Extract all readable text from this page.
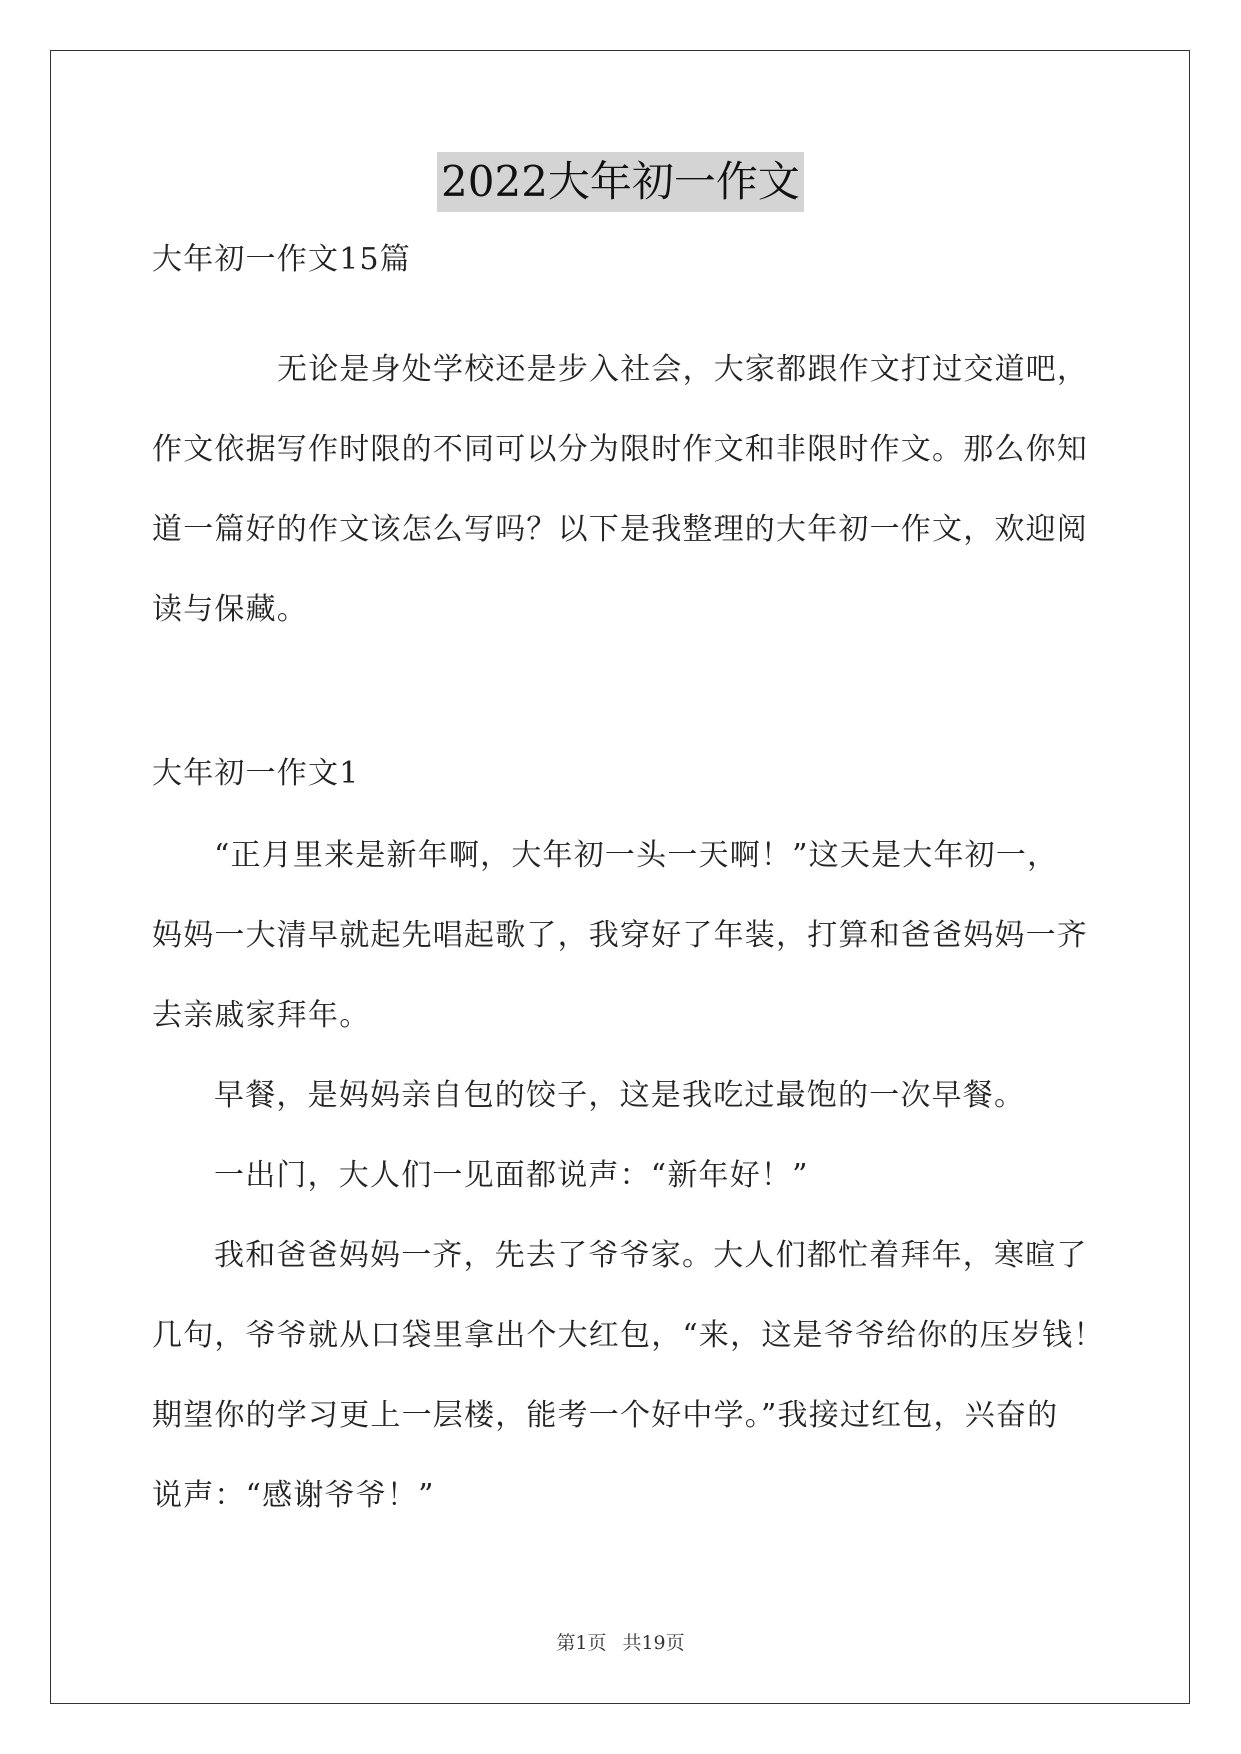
2022大年初一作文
大年初一作文15篇
无论是身处学校还是步入社会，大家都跟作文打过交道吧，
作文依据写作时限的不同可以分为限时作文和非限时作文。那么你知
道一篇好的作文该怎么写吗？以下是我整理的大年初一作文，欢迎阅
读与保藏。
大年初一作文1
“正月里来是新年啊，大年初一头一天啊！”这天是大年初一，
妈妈一大清早就起先唱起歌了，我穿好了年装，打算和爸爸妈妈一齐
去亲戚家拜年。
早餐，是妈妈亲自包的饺子，这是我吃过最饱的一次早餐。
一出门，大人们一见面都说声：“新年好！”
我和爸爸妈妈一齐，先去了爷爷家。大人们都忙着拜年，寒暄了
几句，爷爷就从口袋里拿出个大红包，“来，这是爷爷给你的压岁钱！
期望你的学习更上一层楼，能考一个好中学。”我接过红包，兴奋的
说声：“感谢爷爷！”
第1页 共19页
